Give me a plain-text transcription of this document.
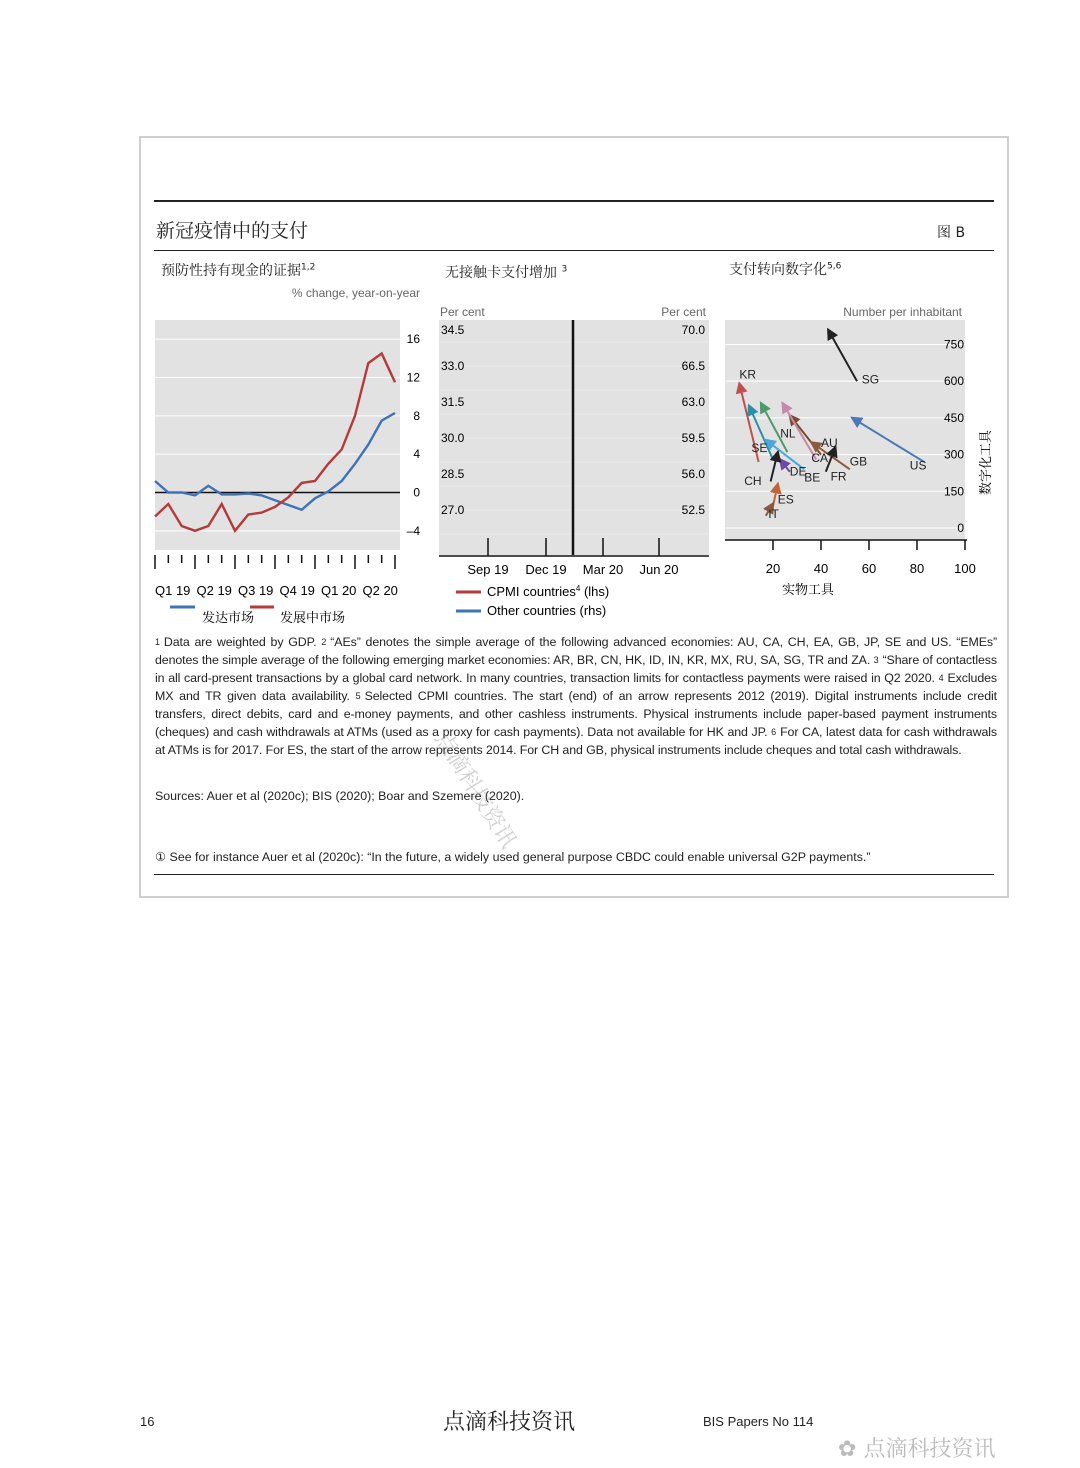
新冠疫情中的支付	图 B
预防性持有现金的证据$^{1,2}$	无接触卡支付增加 $^3$	支付转向数字化$^{5,6}$
% change, year-on-year
16
12
8
4
0
–4
Q1 19 Q2 19 Q3 19 Q4 19 Q1 20 Q2 20
发达市场 发展中市场
Per cent	Per cent
34.5
33.0
31.5
30.0
28.5
27.0
70.0
66.5
63.0
59.5
56.0
52.5
Sep 19 Dec 19 Mar 20 Jun 20
CPMI countries$^4$ (lhs)
Other countries (rhs)
Number per inhabitant
750
600
450
300
150
0
20	40	60	80 100
SG
KR
NL
AU
SE
CA GB	US
DE
BE FR
CH
ES
IT
实物工具
数字化工具
$^1$ Data are weighted by GDP. $^2$ “AEs” denotes the simple average of the following advanced economies: AU, CA, CH, EA, GB, JP, SE and US. “EMEs” denotes the simple average of the following emerging market economies: AR, BR, CN, HK, ID, IN, KR, MX, RU, SA, SG, TR and ZA. $^3$ “Share of contactless in all card-present transactions by a global card network. In many countries, transaction limits for contactless payments were raised in Q2 2020. $^4$ Excludes MX and TR given data availability. $^5$ Selected CPMI countries. The start (end) of an arrow represents 2012 (2019). Digital instruments include credit transfers, direct debits, card and e-money payments, and other cashless instruments. Physical instruments include paper-based payment instruments (cheques) and cash withdrawals at ATMs (used as a proxy for cash payments). Data not available for HK and JP. $^6$ For CA, latest data for cash withdrawals at ATMs is for 2017. For ES, the start of the arrow represents 2014. For CH and GB, physical instruments include cheques and total cash withdrawals.
Sources: Auer et al (2020c); BIS (2020); Boar and Szemere (2020).
① See for instance Auer et al (2020c): “In the future, a widely used general purpose CBDC could enable universal G2P payments.”
点滴科技资讯
16	点滴科技资讯	BIS Papers No 114
✿ 点滴科技资讯
